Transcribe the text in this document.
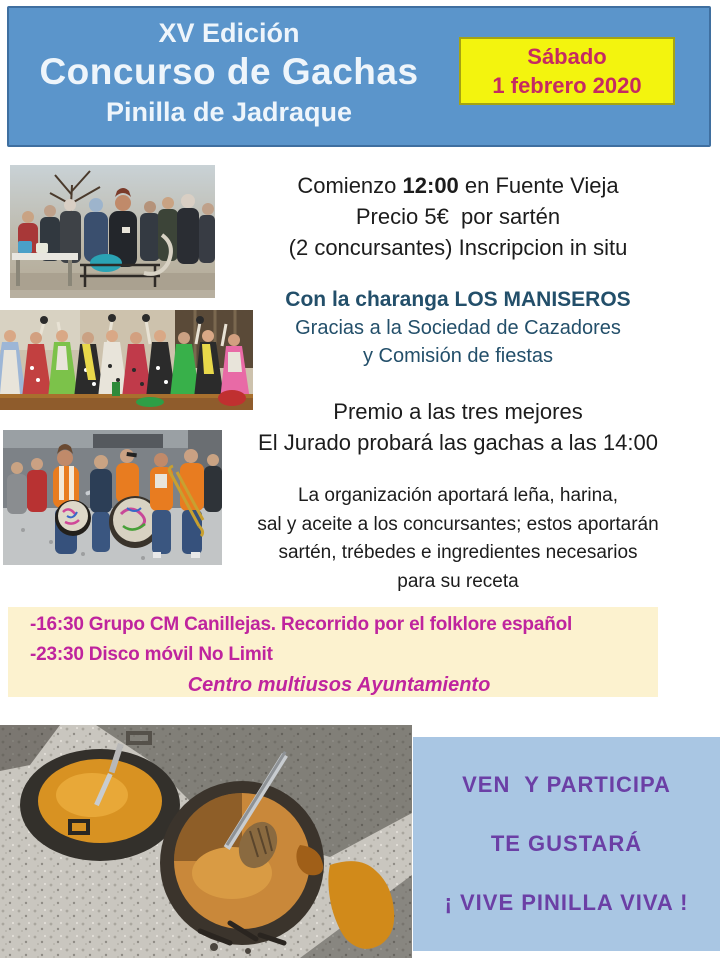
XV Edición
Concurso de Gachas
Pinilla de Jadraque
Sábado
1 febrero 2020
Comienzo 12:00 en Fuente Vieja
Precio 5€  por sartén
(2 concursantes) Inscripcion in situ
Con la charanga LOS MANISEROS
Gracias a la Sociedad de Cazadores
y Comisión de fiestas
Premio a las tres mejores
El Jurado probará las gachas a las 14:00
La organización aportará leña, harina,
sal y aceite a los concursantes; estos aportarán
sartén, trébedes e ingredientes necesarios
para su receta
-16:30 Grupo CM Canillejas. Recorrido por el folklore español
-23:30 Disco móvil No Limit
Centro multiusos Ayuntamiento
VEN  Y PARTICIPA
TE GUSTARÁ
¡ VIVE PINILLA VIVA !
